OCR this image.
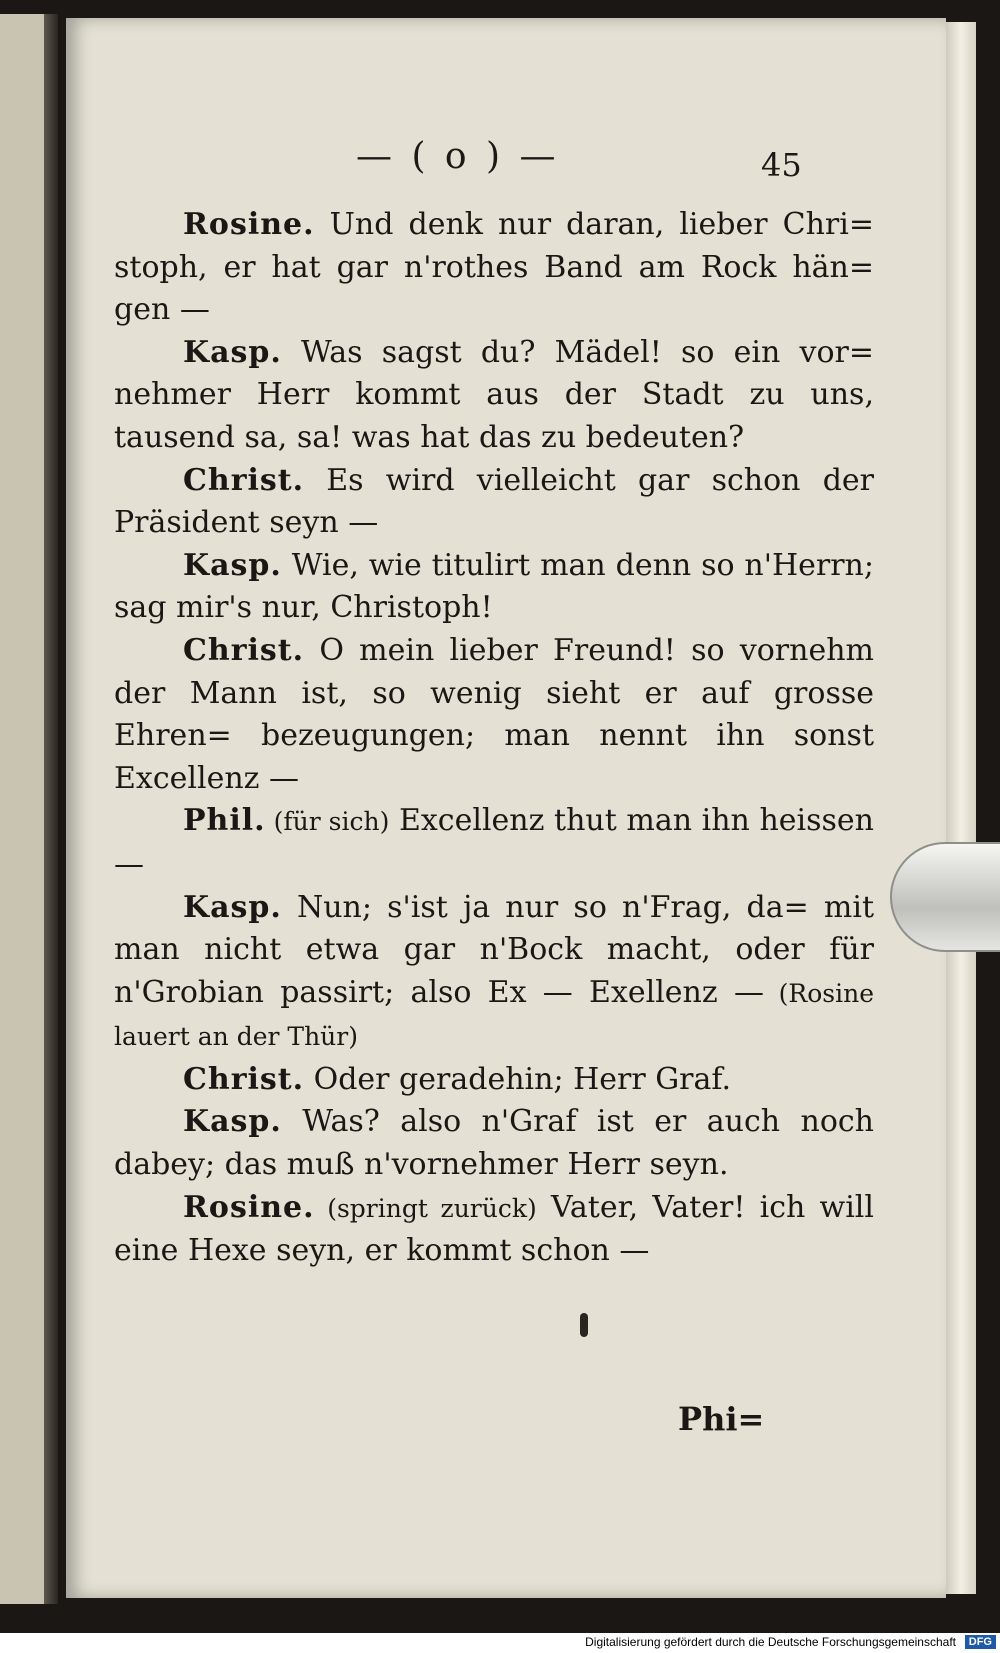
— ( o ) —	45

Rosine. Und denk nur daran, lieber Chri= stoph, er hat gar n'rothes Band am Rock hän= gen —

Kasp. Was sagst du? Mädel! so ein vor= nehmer Herr kommt aus der Stadt zu uns, tausend sa, sa! was hat das zu bedeuten?

Christ. Es wird vielleicht gar schon der Präsident seyn —

Kasp. Wie, wie titulirt man denn so n'Herrn; sag mir's nur, Christoph!

Christ. O mein lieber Freund! so vornehm der Mann ist, so wenig sieht er auf grosse Ehren= bezeugungen; man nennt ihn sonst Excellenz —

Phil. (für sich) Excellenz thut man ihn heissen —

Kasp. Nun; s'ist ja nur so n'Frag, da= mit man nicht etwa gar n'Bock macht, oder für n'Grobian passirt; also Ex — Exellenz — (Rosine lauert an der Thür)

Christ. Oder geradehin; Herr Graf.

Kasp. Was? also n'Graf ist er auch noch dabey; das muß n'vornehmer Herr seyn.

Rosine. (springt zurück) Vater, Vater! ich will eine Hexe seyn, er kommt schon —

Phi=
Digitalisierung gefördert durch die Deutsche Forschungsgemeinschaft	DFG
